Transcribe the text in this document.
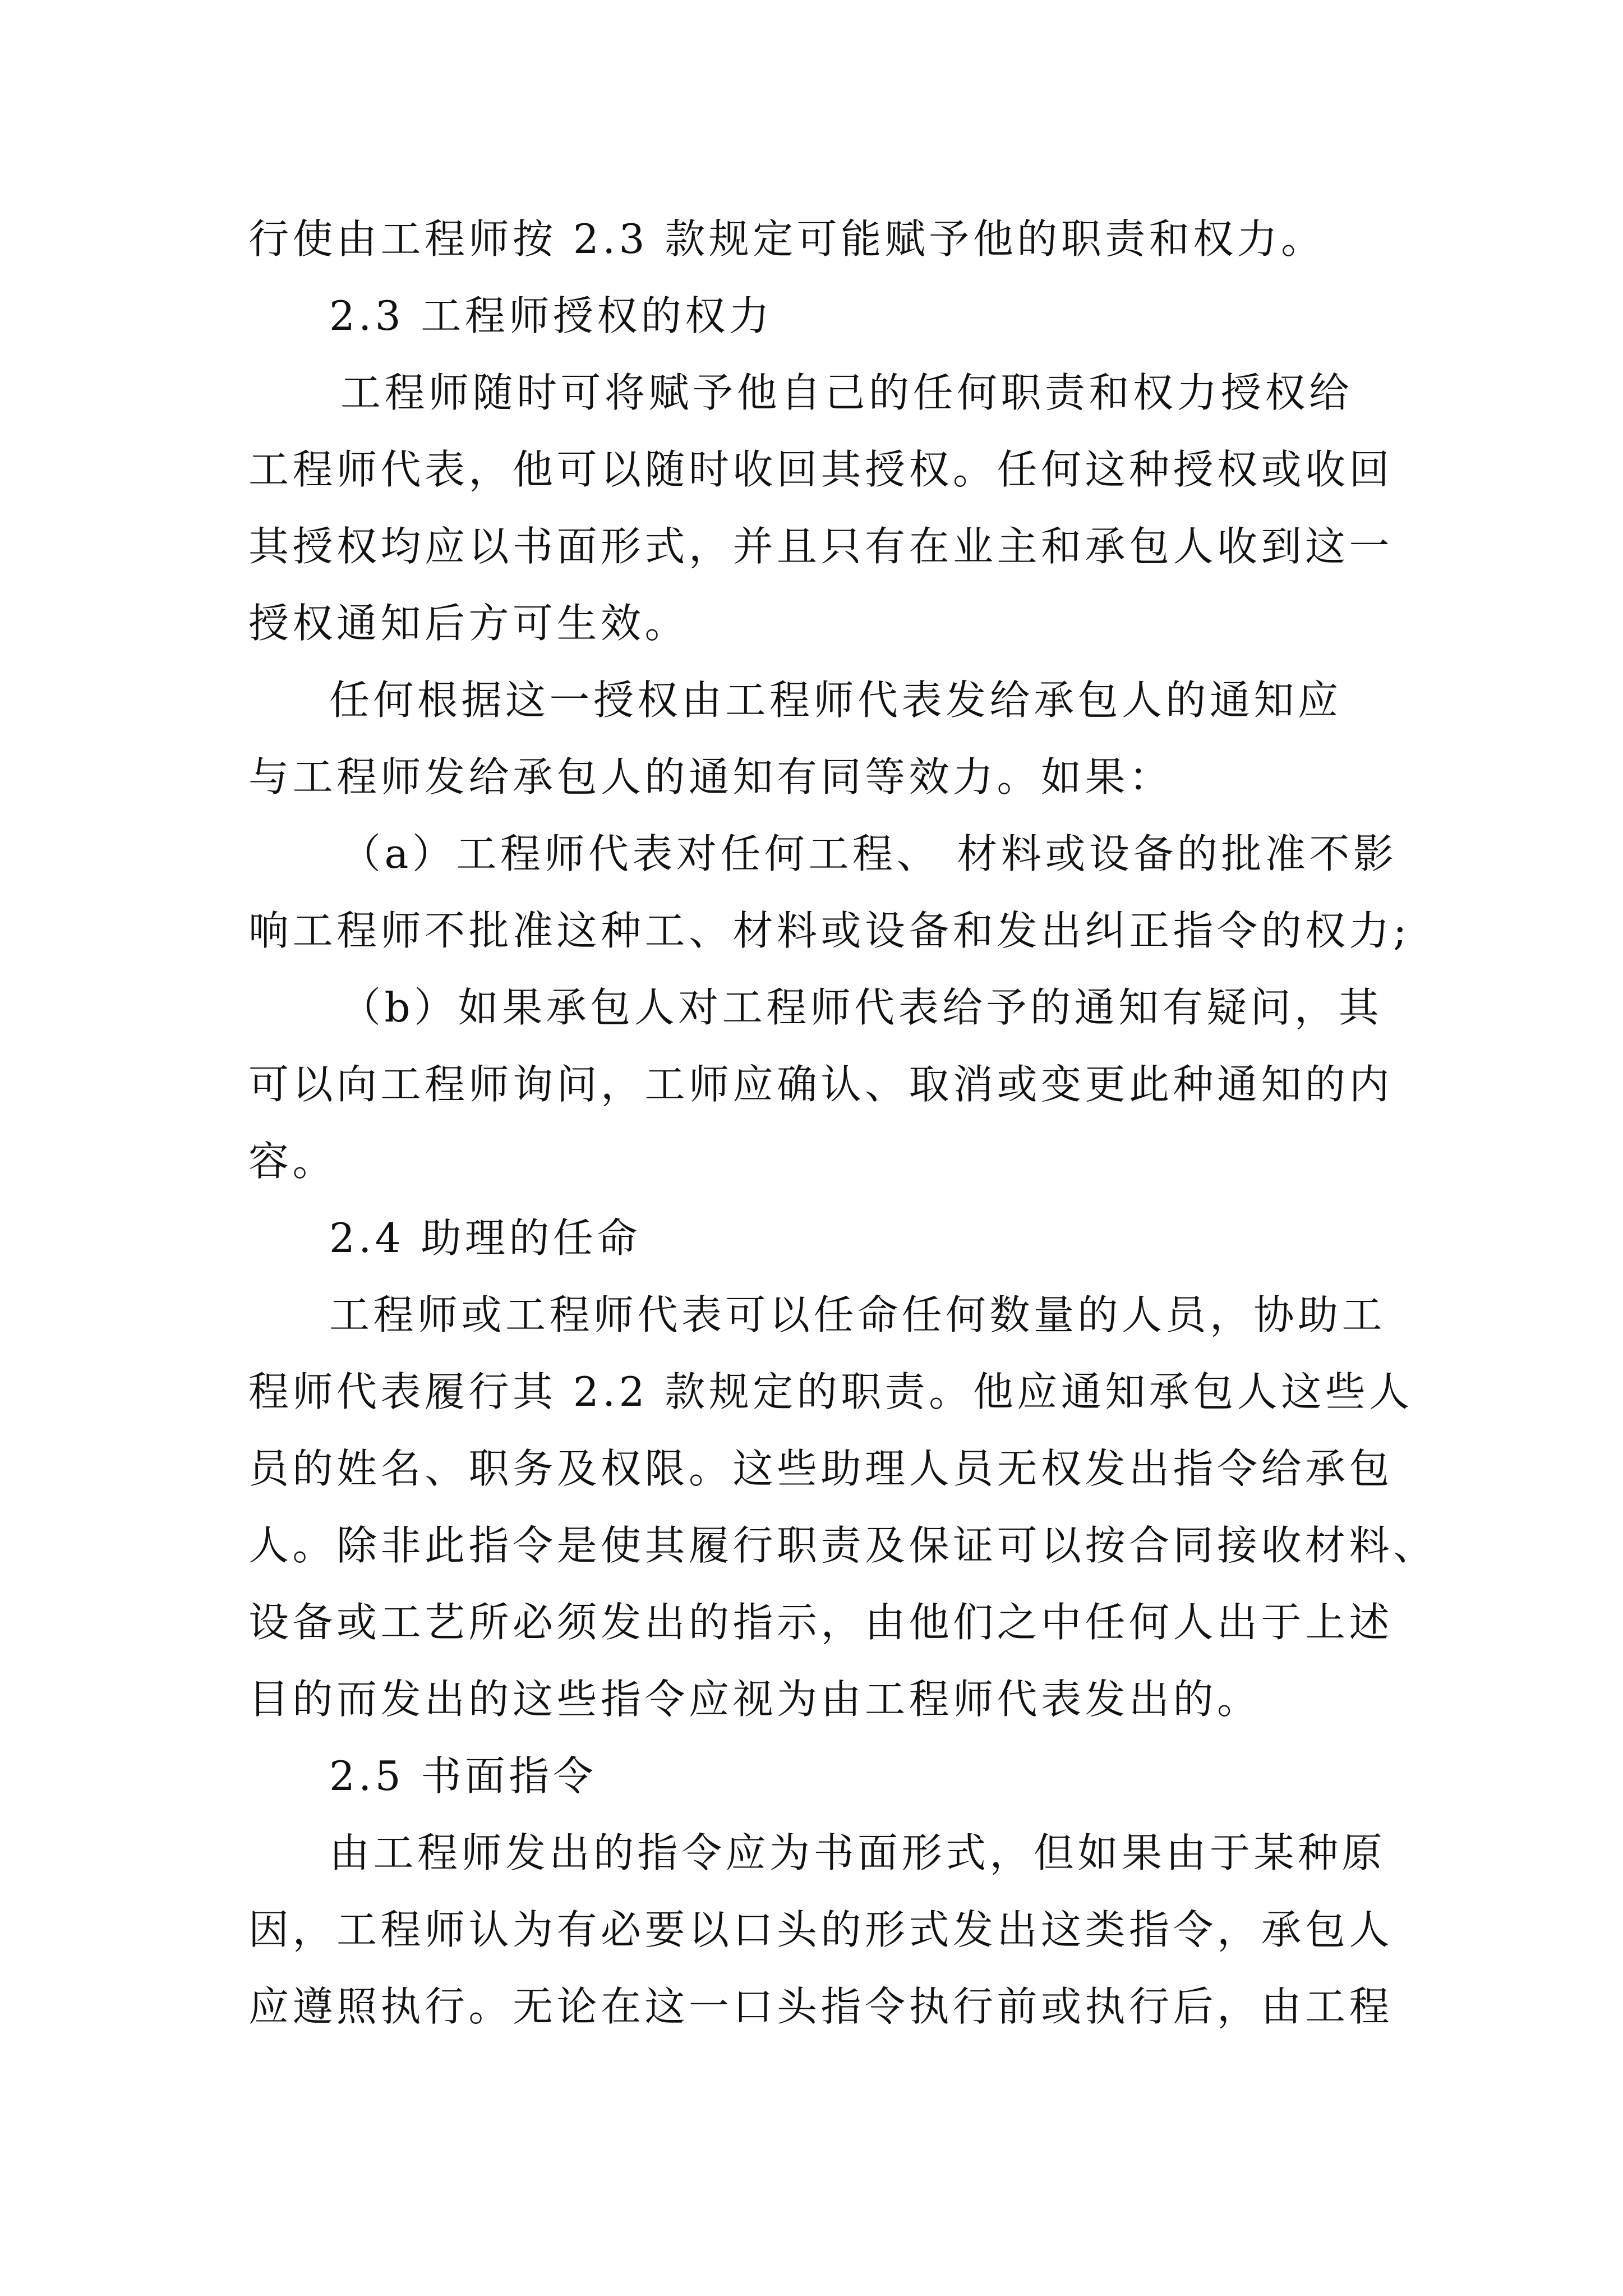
行使由工程师按 2.3 款规定可能赋予他的职责和权力。
2.3 工程师授权的权力
工程师随时可将赋予他自己的任何职责和权力授权给
工程师代表，他可以随时收回其授权。任何这种授权或收回
其授权均应以书面形式，并且只有在业主和承包人收到这一
授权通知后方可生效。
任何根据这一授权由工程师代表发给承包人的通知应
与工程师发给承包人的通知有同等效力。如果：
（a）工程师代表对任何工程、 材料或设备的批准不影
响工程师不批准这种工、材料或设备和发出纠正指令的权力;
（b）如果承包人对工程师代表给予的通知有疑问，其
可以向工程师询问，工师应确认、取消或变更此种通知的内
容。
2.4 助理的任命
工程师或工程师代表可以任命任何数量的人员，协助工
程师代表履行其 2.2 款规定的职责。他应通知承包人这些人
员的姓名、职务及权限。这些助理人员无权发出指令给承包
人。除非此指令是使其履行职责及保证可以按合同接收材料、
设备或工艺所必须发出的指示，由他们之中任何人出于上述
目的而发出的这些指令应视为由工程师代表发出的。
2.5 书面指令
由工程师发出的指令应为书面形式，但如果由于某种原
因，工程师认为有必要以口头的形式发出这类指令，承包人
应遵照执行。无论在这一口头指令执行前或执行后，由工程
